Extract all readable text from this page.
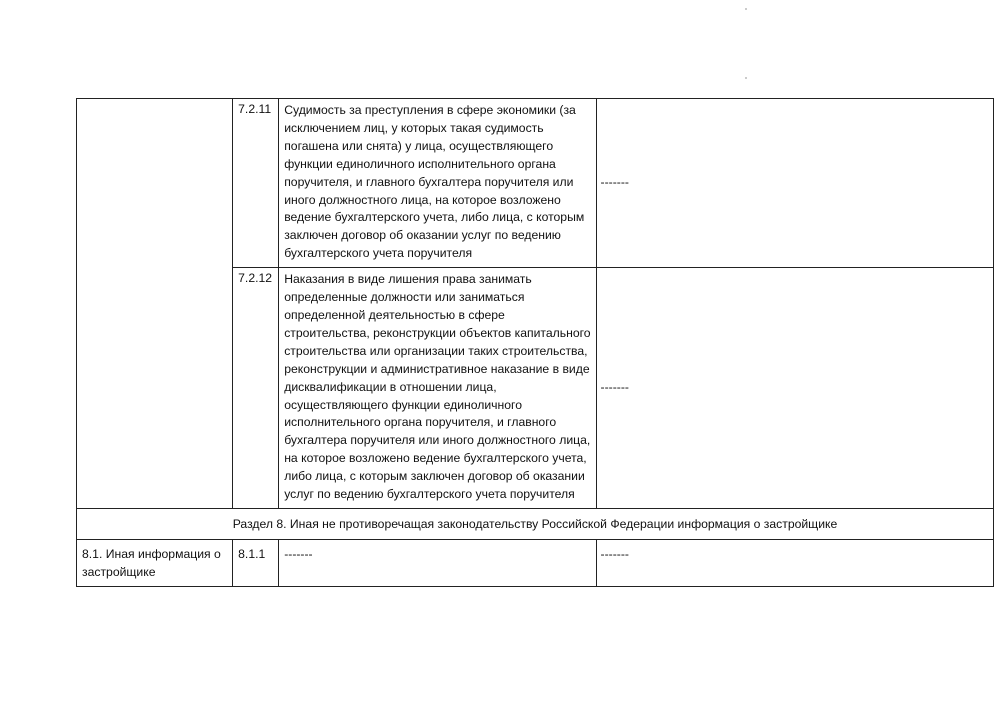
	7.2.11	Судимость за преступления в сфере экономики (за исключением лиц, у которых такая судимость погашена или снята) у лица, осуществляющего функции единоличного исполнительного органа поручителя, и главного бухгалтера поручителя или иного должностного лица, на которое возложено ведение бухгалтерского учета, либо лица, с которым заключен договор об оказании услуг по ведению бухгалтерского учета поручителя	-------
	7.2.12	Наказания в виде лишения права занимать определенные должности или заниматься определенной деятельностью в сфере строительства, реконструкции объектов капитального строительства или организации таких строительства, реконструкции и административное наказание в виде дисквалификации в отношении лица, осуществляющего функции единоличного исполнительного органа поручителя, и главного бухгалтера поручителя или иного должностного лица, на которое возложено ведение бухгалтерского учета, либо лица, с которым заключен договор об оказании услуг по ведению бухгалтерского учета поручителя	-------
Раздел 8. Иная не противоречащая законодательству Российской Федерации информация о застройщике			
8.1. Иная информация о застройщике	8.1.1	-------	-------
